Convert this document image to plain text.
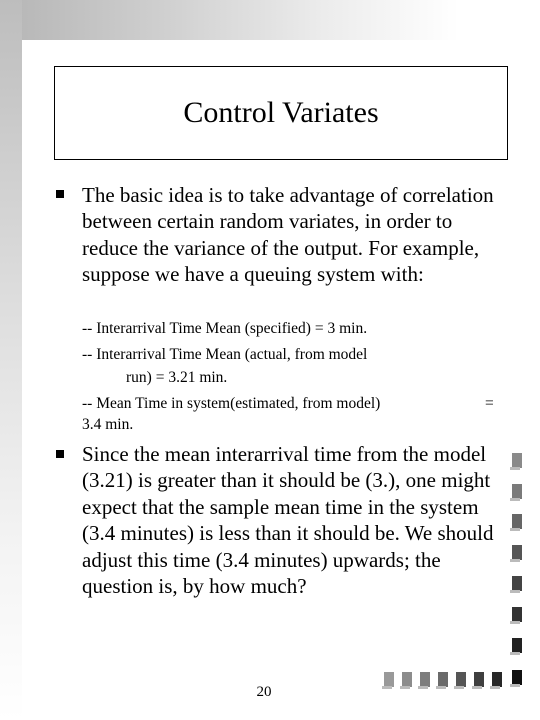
Control Variates
The basic idea is to take advantage of correlation between certain random variates, in order to reduce the variance of the output. For example, suppose we have a queuing system with:
-- Interarrival Time Mean (specified) = 3 min.
-- Interarrival Time Mean (actual, from model
run) = 3.21 min.
-- Mean Time in system(estimated, from model)	=
3.4 min.
Since the mean interarrival time from the model (3.21) is greater than it should be (3.), one might expect that the sample mean time in the system (3.4 minutes) is less than it should be. We should adjust this time (3.4 minutes) upwards; the question is, by how much?
20
